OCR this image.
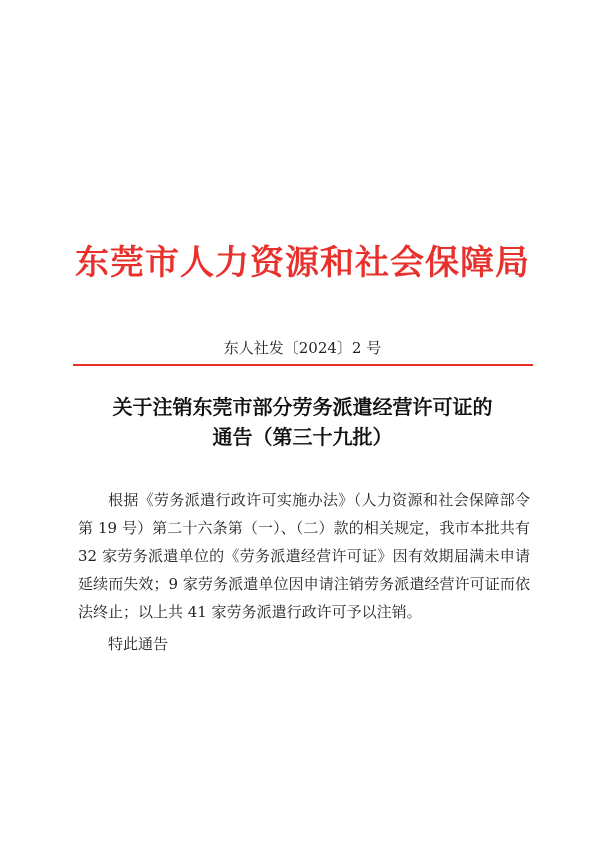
东莞市人力资源和社会保障局
东人社发〔2024〕2 号
关于注销东莞市部分劳务派遣经营许可证的
通告（第三十九批）

根据《劳务派遣行政许可实施办法》（人力资源和社会保障部令第 19 号）第二十六条第（一）、（二）款的相关规定，我市本批共有 32 家劳务派遣单位的《劳务派遣经营许可证》因有效期届满未申请延续而失效；9 家劳务派遣单位因申请注销劳务派遣经营许可证而依法终止；以上共 41 家劳务派遣行政许可予以注销。

特此通告
